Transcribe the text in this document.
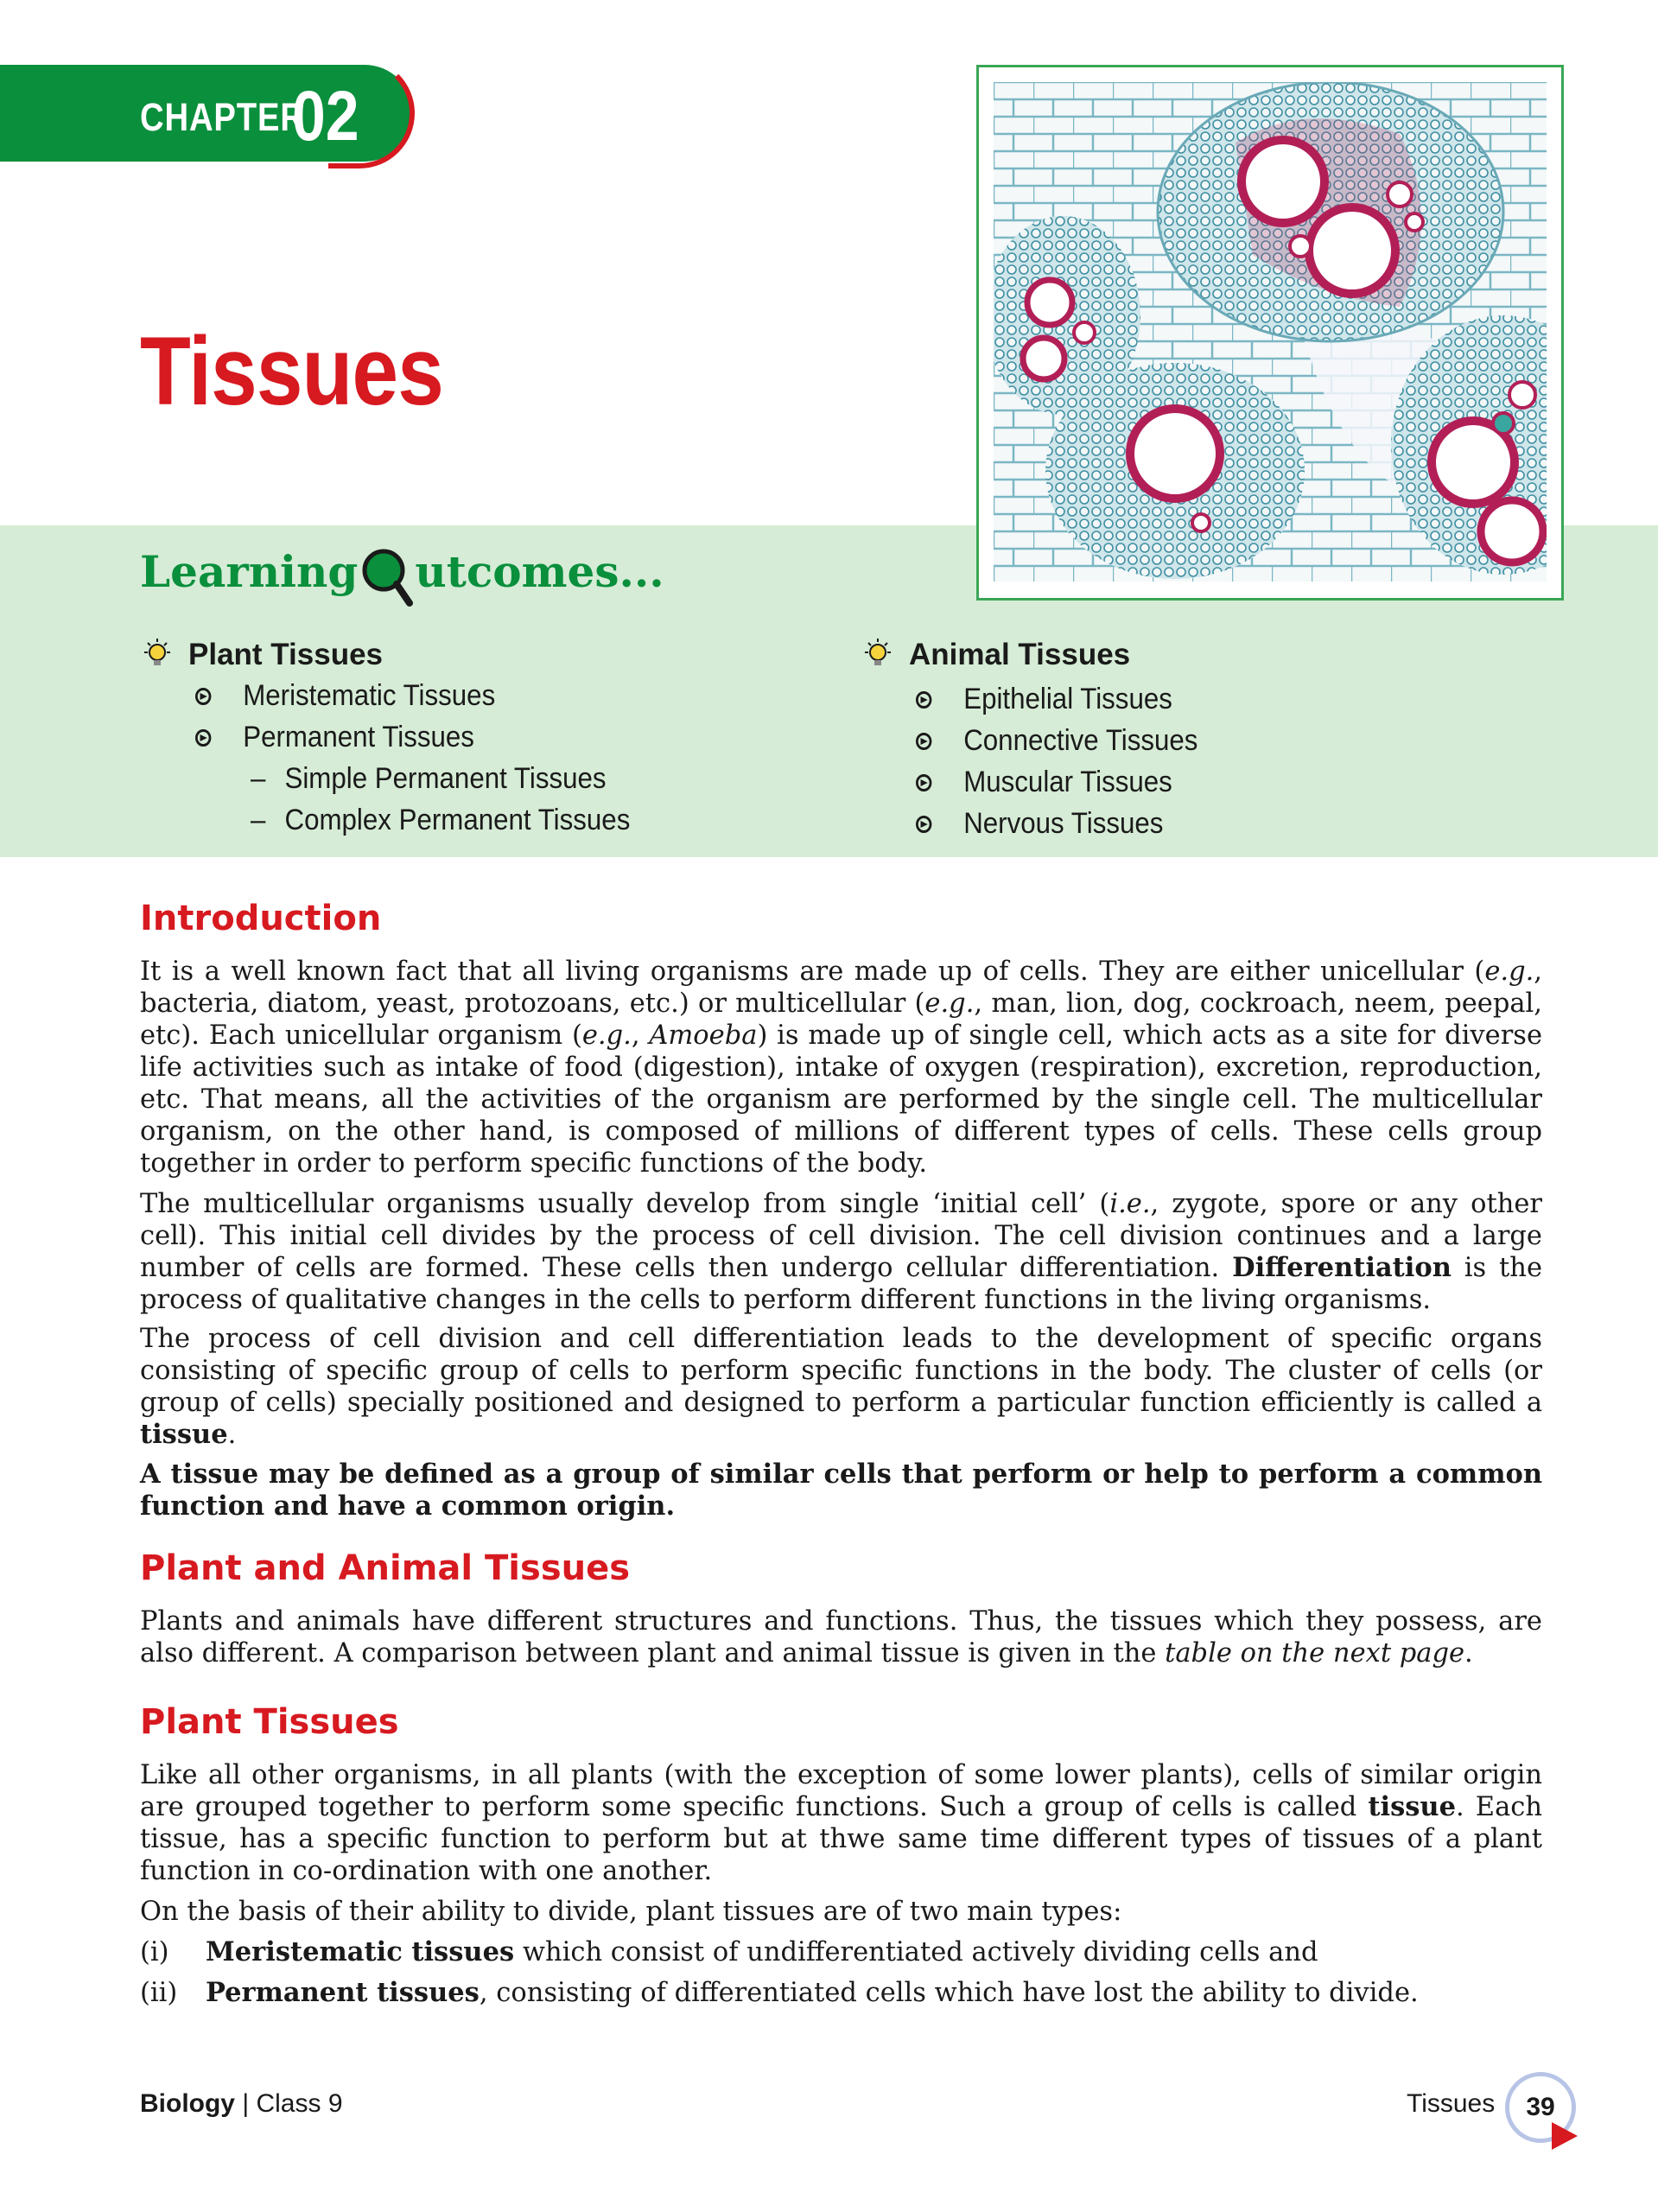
CHAPTER
02
Tissues
Learning utcomes...
Plant Tissues
Meristematic Tissues
Permanent Tissues
– Simple Permanent Tissues
– Complex Permanent Tissues
Animal Tissues
Epithelial Tissues
Connective Tissues
Muscular Tissues
Nervous Tissues
Introduction
It is a well known fact that all living organisms are made up of cells. They are either unicellular (e.g., bacteria, diatom, yeast, protozoans, etc.) or multicellular (e.g., man, lion, dog, cockroach, neem, peepal, etc). Each unicellular organism (e.g., Amoeba) is made up of single cell, which acts as a site for diverse life activities such as intake of food (digestion), intake of oxygen (respiration), excretion, reproduction, etc. That means, all the activities of the organism are performed by the single cell. The multicellular organism, on the other hand, is composed of millions of different types of cells. These cells group together in order to perform specific functions of the body.
The multicellular organisms usually develop from single ‘initial cell’ (i.e., zygote, spore or any other cell). This initial cell divides by the process of cell division. The cell division continues and a large number of cells are formed. These cells then undergo cellular differentiation. Differentiation is the process of qualitative changes in the cells to perform different functions in the living organisms.
The process of cell division and cell differentiation leads to the development of specific organs consisting of specific group of cells to perform specific functions in the body. The cluster of cells (or group of cells) specially positioned and designed to perform a particular function efficiently is called a tissue.
A tissue may be defined as a group of similar cells that perform or help to perform a common function and have a common origin.
Plant and Animal Tissues
Plants and animals have different structures and functions. Thus, the tissues which they possess, are also different. A comparison between plant and animal tissue is given in the table on the next page.
Plant Tissues
Like all other organisms, in all plants (with the exception of some lower plants), cells of similar origin are grouped together to perform some specific functions. Such a group of cells is called tissue. Each tissue, has a specific function to perform but at thwe same time different types of tissues of a plant function in co-ordination with one another.
On the basis of their ability to divide, plant tissues are of two main types:
(i)	Meristematic tissues which consist of undifferentiated actively dividing cells and
(ii)	Permanent tissues, consisting of differentiated cells which have lost the ability to divide.
Biology | Class 9	Tissues	39
